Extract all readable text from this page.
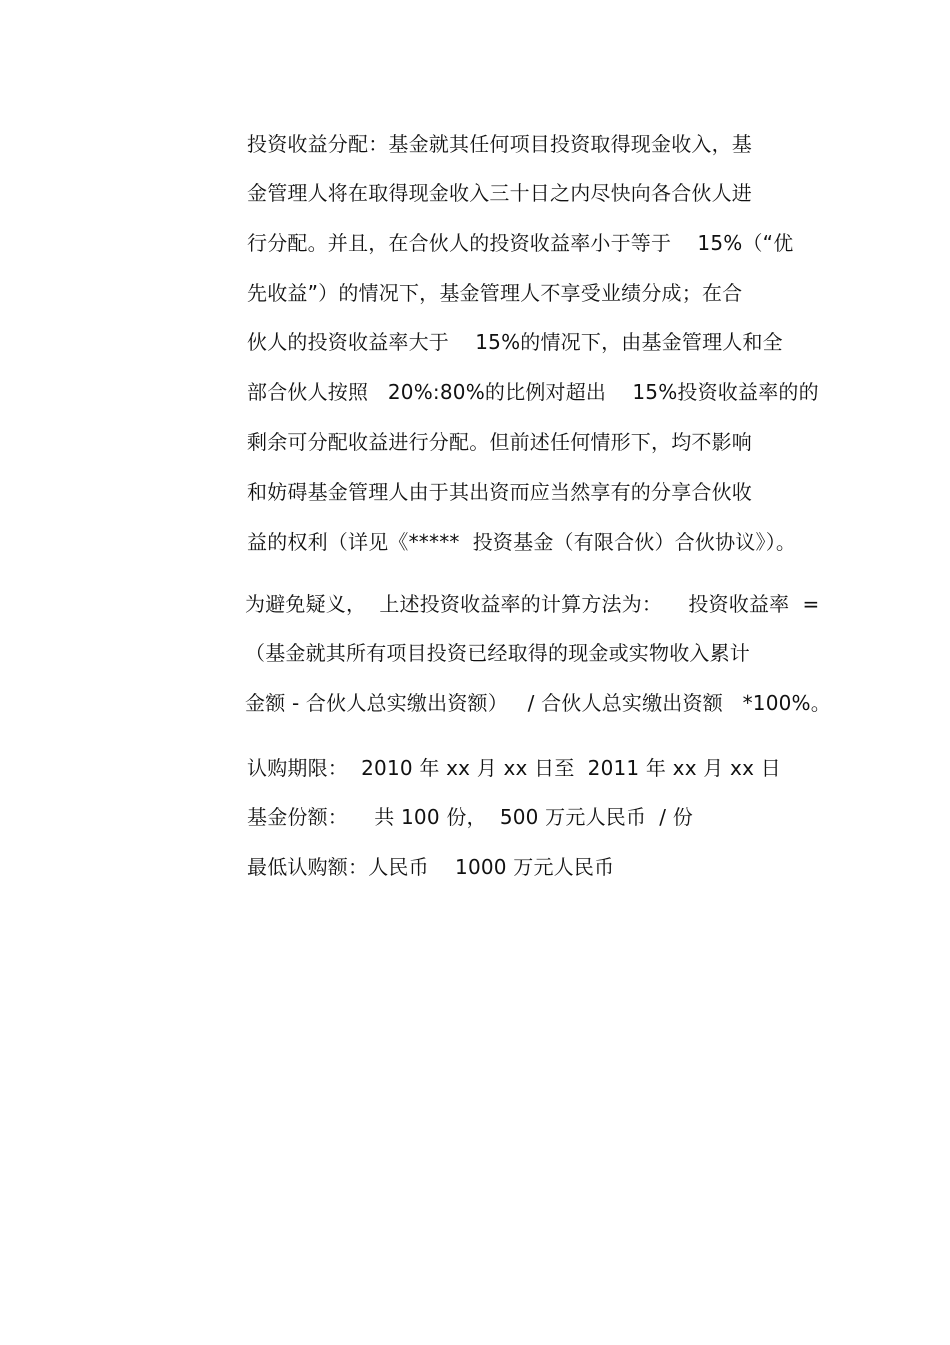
投资收益分配：基金就其任何项目投资取得现金收入，基
金管理人将在取得现金收入三十日之内尽快向各合伙人进
行分配。并且，在合伙人的投资收益率小于等于    15%（“优
先收益”）的情况下，基金管理人不享受业绩分成；在合
伙人的投资收益率大于    15%的情况下，由基金管理人和全
部合伙人按照   20%:80%的比例对超出    15%投资收益率的的
剩余可分配收益进行分配。但前述任何情形下，均不影响
和妨碍基金管理人由于其出资而应当然享有的分享合伙收
益的权利（详见《*****  投资基金（有限合伙）合伙协议》）。
为避免疑义，  上述投资收益率的计算方法为：    投资收益率  =
（基金就其所有项目投资已经取得的现金或实物收入累计
金额 - 合伙人总实缴出资额）   / 合伙人总实缴出资额   *100%。
认购期限：  2010 年 xx 月 xx 日至  2011 年 xx 月 xx 日
基金份额：    共 100 份，  500 万元人民币  / 份
最低认购额：人民币    1000 万元人民币
